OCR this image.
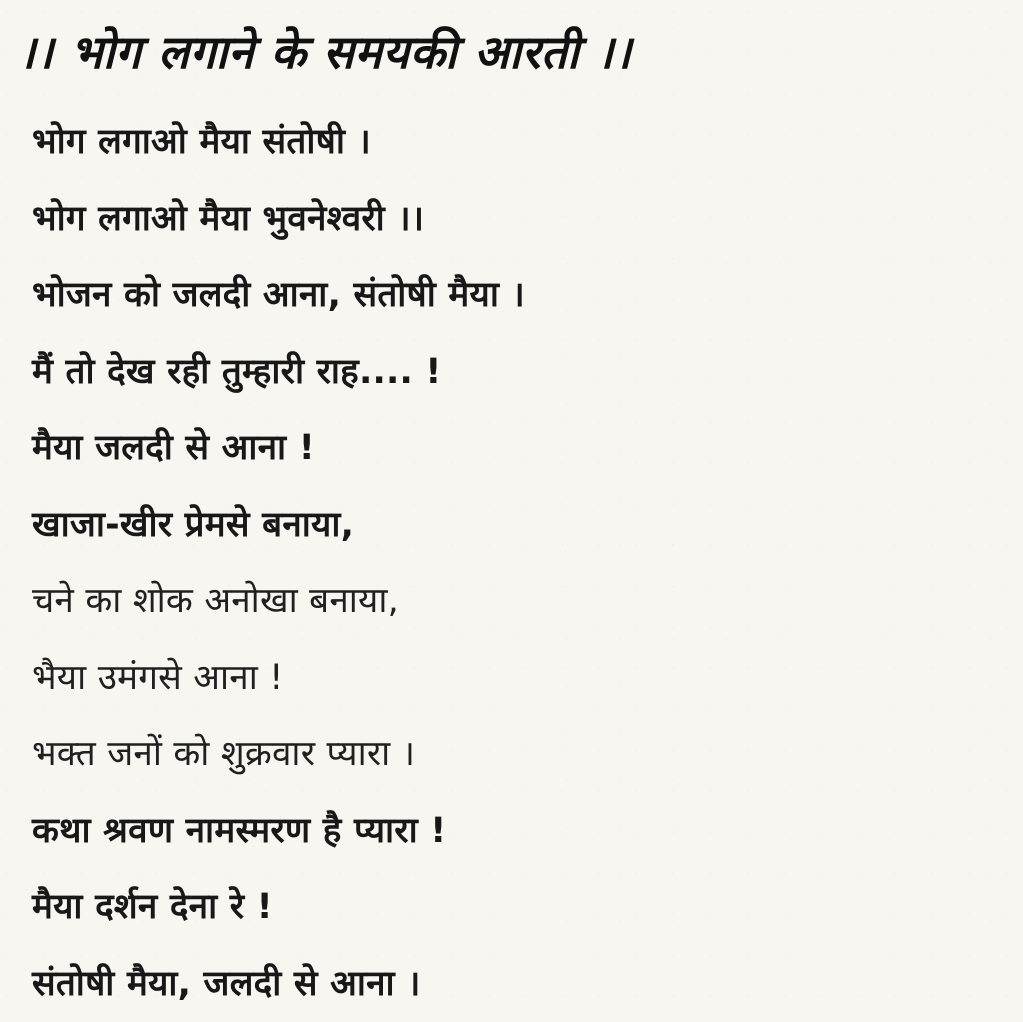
।। भोग लगाने के समयकी आरती ।।
भोग लगाओ मैया संतोषी ।
भोग लगाओ मैया भुवनेश्वरी ।।
भोजन को जलदी आना, संतोषी मैया ।
मैं तो देख रही तुम्हारी राह.... !
मैया जलदी से आना !
खाजा-खीर प्रेमसे बनाया,
चने का शोक अनोखा बनाया,
भैया उमंगसे आना !
भक्त जनों को शुक्रवार प्यारा ।
कथा श्रवण नामस्मरण है प्यारा !
मैया दर्शन देना रे !
संतोषी मैया, जलदी से आना ।
